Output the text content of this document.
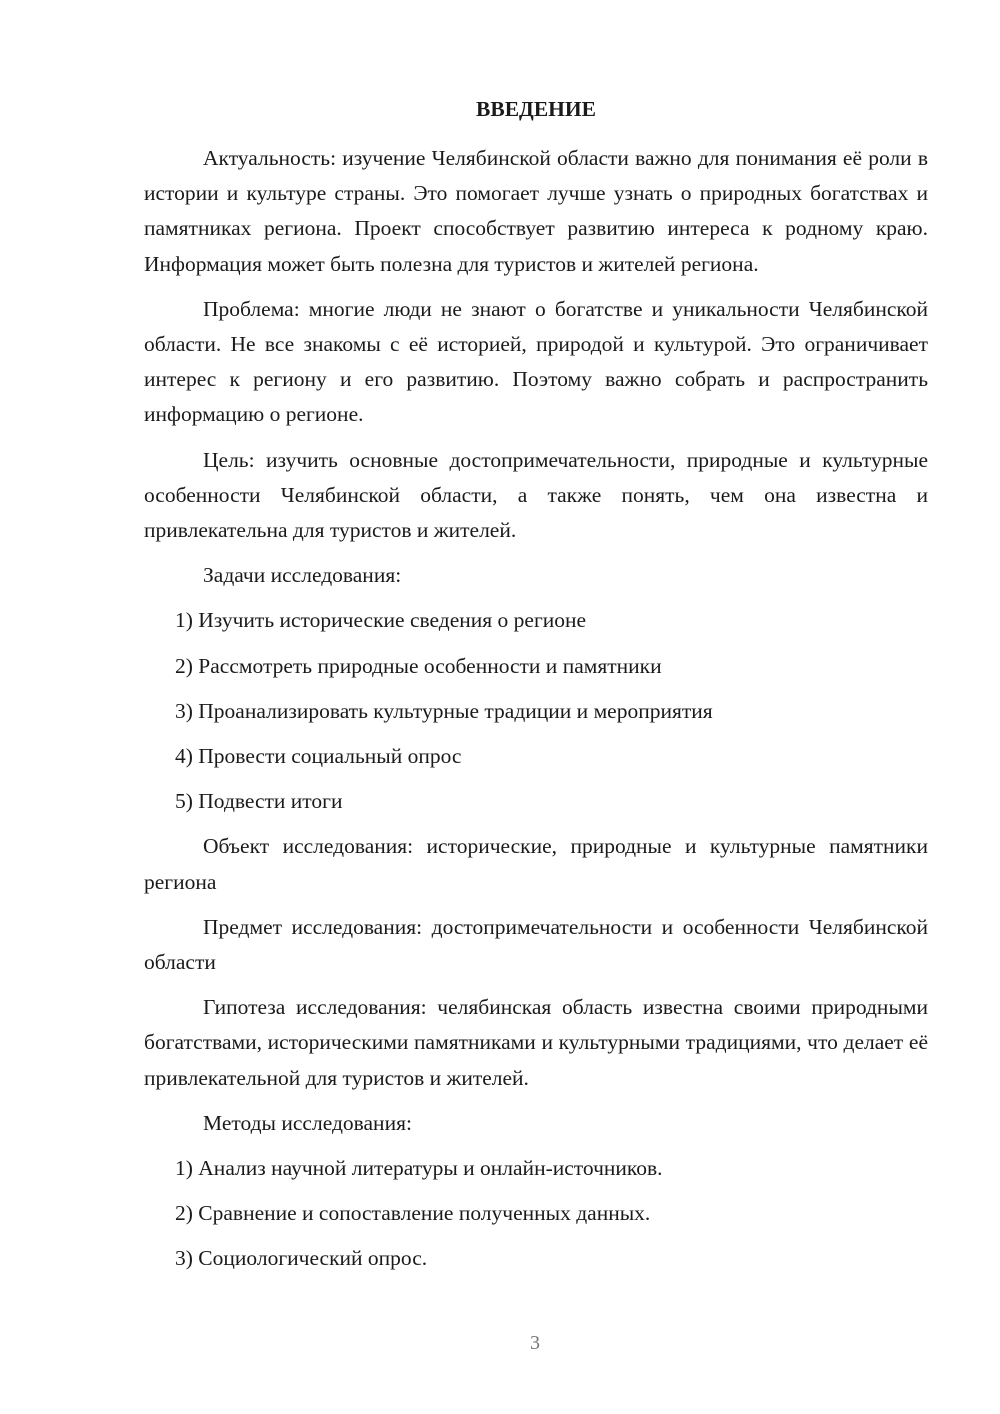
ВВЕДЕНИЕ

Актуальность: изучение Челябинской области важно для понимания её роли в истории и культуре страны. Это помогает лучше узнать о природных богатствах и памятниках региона. Проект способствует развитию интереса к родному краю. Информация может быть полезна для туристов и жителей региона.

Проблема: многие люди не знают о богатстве и уникальности Челябинской области. Не все знакомы с её историей, природой и культурой. Это ограничивает интерес к региону и его развитию. Поэтому важно собрать и распространить информацию о регионе.

Цель: изучить основные достопримечательности, природные и культурные особенности Челябинской области, а также понять, чем она известна и привлекательна для туристов и жителей.

Задачи исследования:

1) Изучить исторические сведения о регионе
2) Рассмотреть природные особенности и памятники
3) Проанализировать культурные традиции и мероприятия
4) Провести социальный опрос
5) Подвести итоги

Объект исследования: исторические, природные и культурные памятники региона

Предмет исследования: достопримечательности и особенности Челябинской области

Гипотеза исследования: челябинская область известна своими природными богатствами, историческими памятниками и культурными традициями, что делает её привлекательной для туристов и жителей.

Методы исследования:

1) Анализ научной литературы и онлайн-источников.
2) Сравнение и сопоставление полученных данных.
3) Социологический опрос.
3
